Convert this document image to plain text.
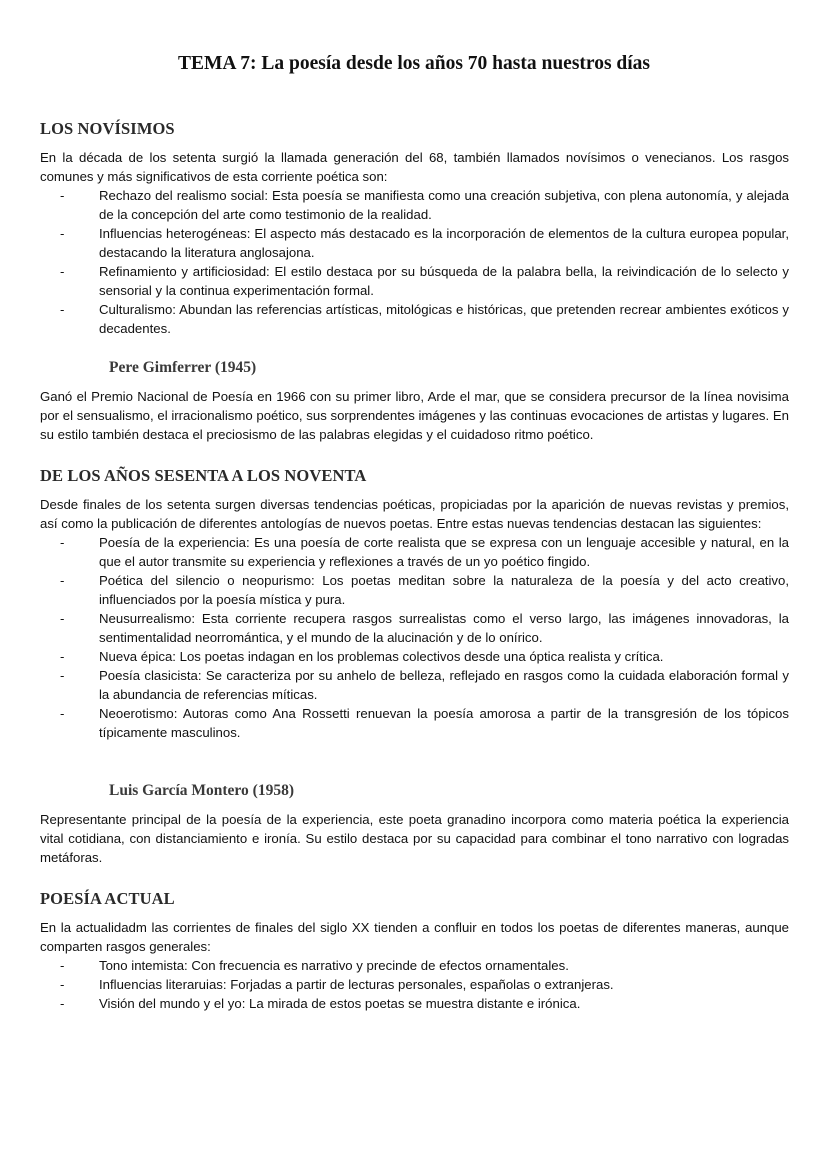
TEMA 7: La poesía desde los años 70 hasta nuestros días
LOS NOVÍSIMOS

En la década de los setenta surgió la llamada generación del 68, también llamados novísimos o venecianos. Los rasgos comunes y más significativos de esta corriente poética son:

-	Rechazo del realismo social: Esta poesía se manifiesta como una creación subjetiva, con plena autonomía, y alejada de la concepción del arte como testimonio de la realidad.
-	Influencias heterogéneas: El aspecto más destacado es la incorporación de elementos de la cultura europea popular, destacando la literatura anglosajona.
-	Refinamiento y artificiosidad: El estilo destaca por su búsqueda de la palabra bella, la reivindicación de lo selecto y sensorial y la continua experimentación formal.
-	Culturalismo: Abundan las referencias artísticas, mitológicas e históricas, que pretenden recrear ambientes exóticos y decadentes.
Pere Gimferrer (1945)

Ganó el Premio Nacional de Poesía en 1966 con su primer libro, Arde el mar, que se considera precursor de la línea novisima por el sensualismo, el irracionalismo poético, sus sorprendentes imágenes y las continuas evocaciones de artistas y lugares. En su estilo también destaca el preciosismo de las palabras elegidas y el cuidadoso ritmo poético.

DE LOS AÑOS SESENTA A LOS NOVENTA

Desde finales de los setenta surgen diversas tendencias poéticas, propiciadas por la aparición de nuevas revistas y premios, así como la publicación de diferentes antologías de nuevos poetas. Entre estas nuevas tendencias destacan las siguientes:

-	Poesía de la experiencia: Es una poesía de corte realista que se expresa con un lenguaje accesible y natural, en la que el autor transmite su experiencia y reflexiones a través de un yo poético fingido.
-	Poética del silencio o neopurismo: Los poetas meditan sobre la naturaleza de la poesía y del acto creativo, influenciados por la poesía mística y pura.
-	Neusurrealismo: Esta corriente recupera rasgos surrealistas como el verso largo, las imágenes innovadoras, la sentimentalidad neorromántica, y el mundo de la alucinación y de lo onírico.
-	Nueva épica: Los poetas indagan en los problemas colectivos desde una óptica realista y crítica.
-	Poesía clasicista: Se caracteriza por su anhelo de belleza, reflejado en rasgos como la cuidada elaboración formal y la abundancia de referencias míticas.
-	Neoerotismo: Autoras como Ana Rossetti renuevan la poesía amorosa a partir de la transgresión de los tópicos típicamente masculinos.
Luis García Montero (1958)

Representante principal de la poesía de la experiencia, este poeta granadino incorpora como materia poética la experiencia vital cotidiana, con distanciamiento e ironía. Su estilo destaca por su capacidad para combinar el tono narrativo con logradas metáforas.

POESÍA ACTUAL

En la actualidadm las corrientes de finales del siglo XX tienden a confluir en todos los poetas de diferentes maneras, aunque comparten rasgos generales:

-	Tono intemista: Con frecuencia es narrativo y precinde de efectos ornamentales.
-	Influencias literaruias: Forjadas a partir de lecturas personales, españolas o extranjeras.
-	Visión del mundo y el yo: La mirada de estos poetas se muestra distante e irónica.
